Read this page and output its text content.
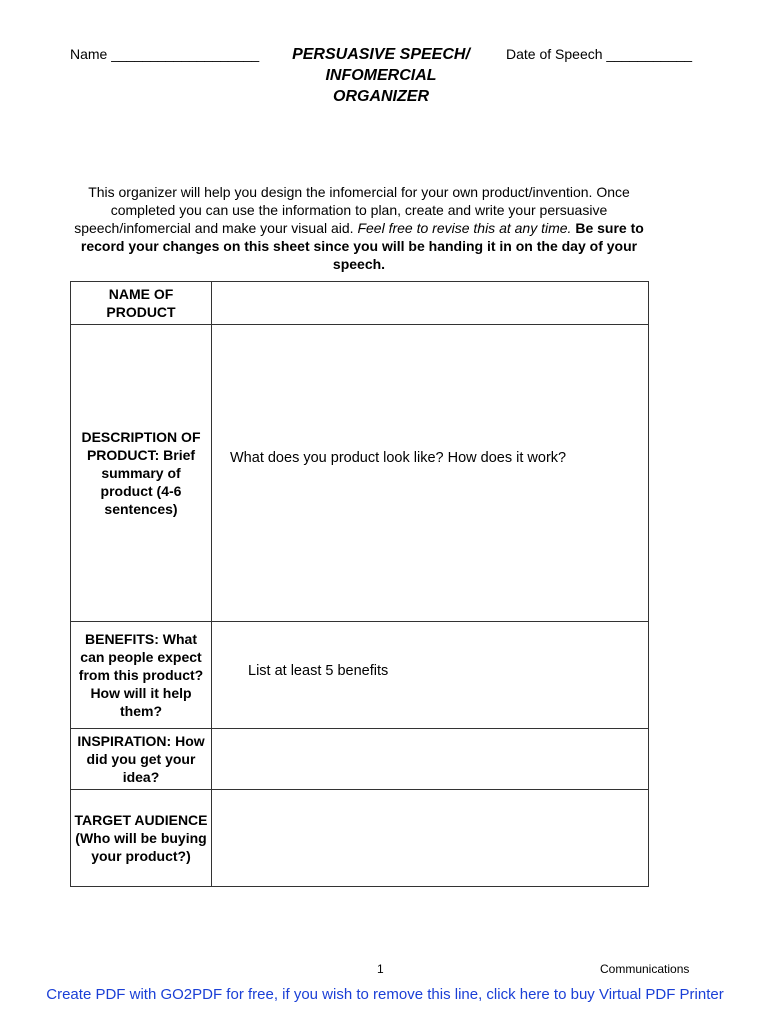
Name ___________________	PERSUASIVE SPEECH/
INFOMERCIAL
ORGANIZER
Date of Speech ___________
This organizer will help you design the infomercial for your own product/invention. Once completed you can use the information to plan, create and write your persuasive speech/infomercial and make your visual aid. Feel free to revise this at any time. Be sure to record your changes on this sheet since you will be handing it in on the day of your speech.
NAME OF PRODUCT	

DESCRIPTION OF PRODUCT: Brief summary of product (4-6 sentences)	What does you product look like? How does it work?

BENEFITS: What can people expect from this product? How will it help them?	List at least 5 benefits

INSPIRATION: How did you get your idea?	

TARGET AUDIENCE (Who will be buying your product?)	

1	Communications
Create PDF with GO2PDF for free, if you wish to remove this line, click here to buy Virtual PDF Printer
